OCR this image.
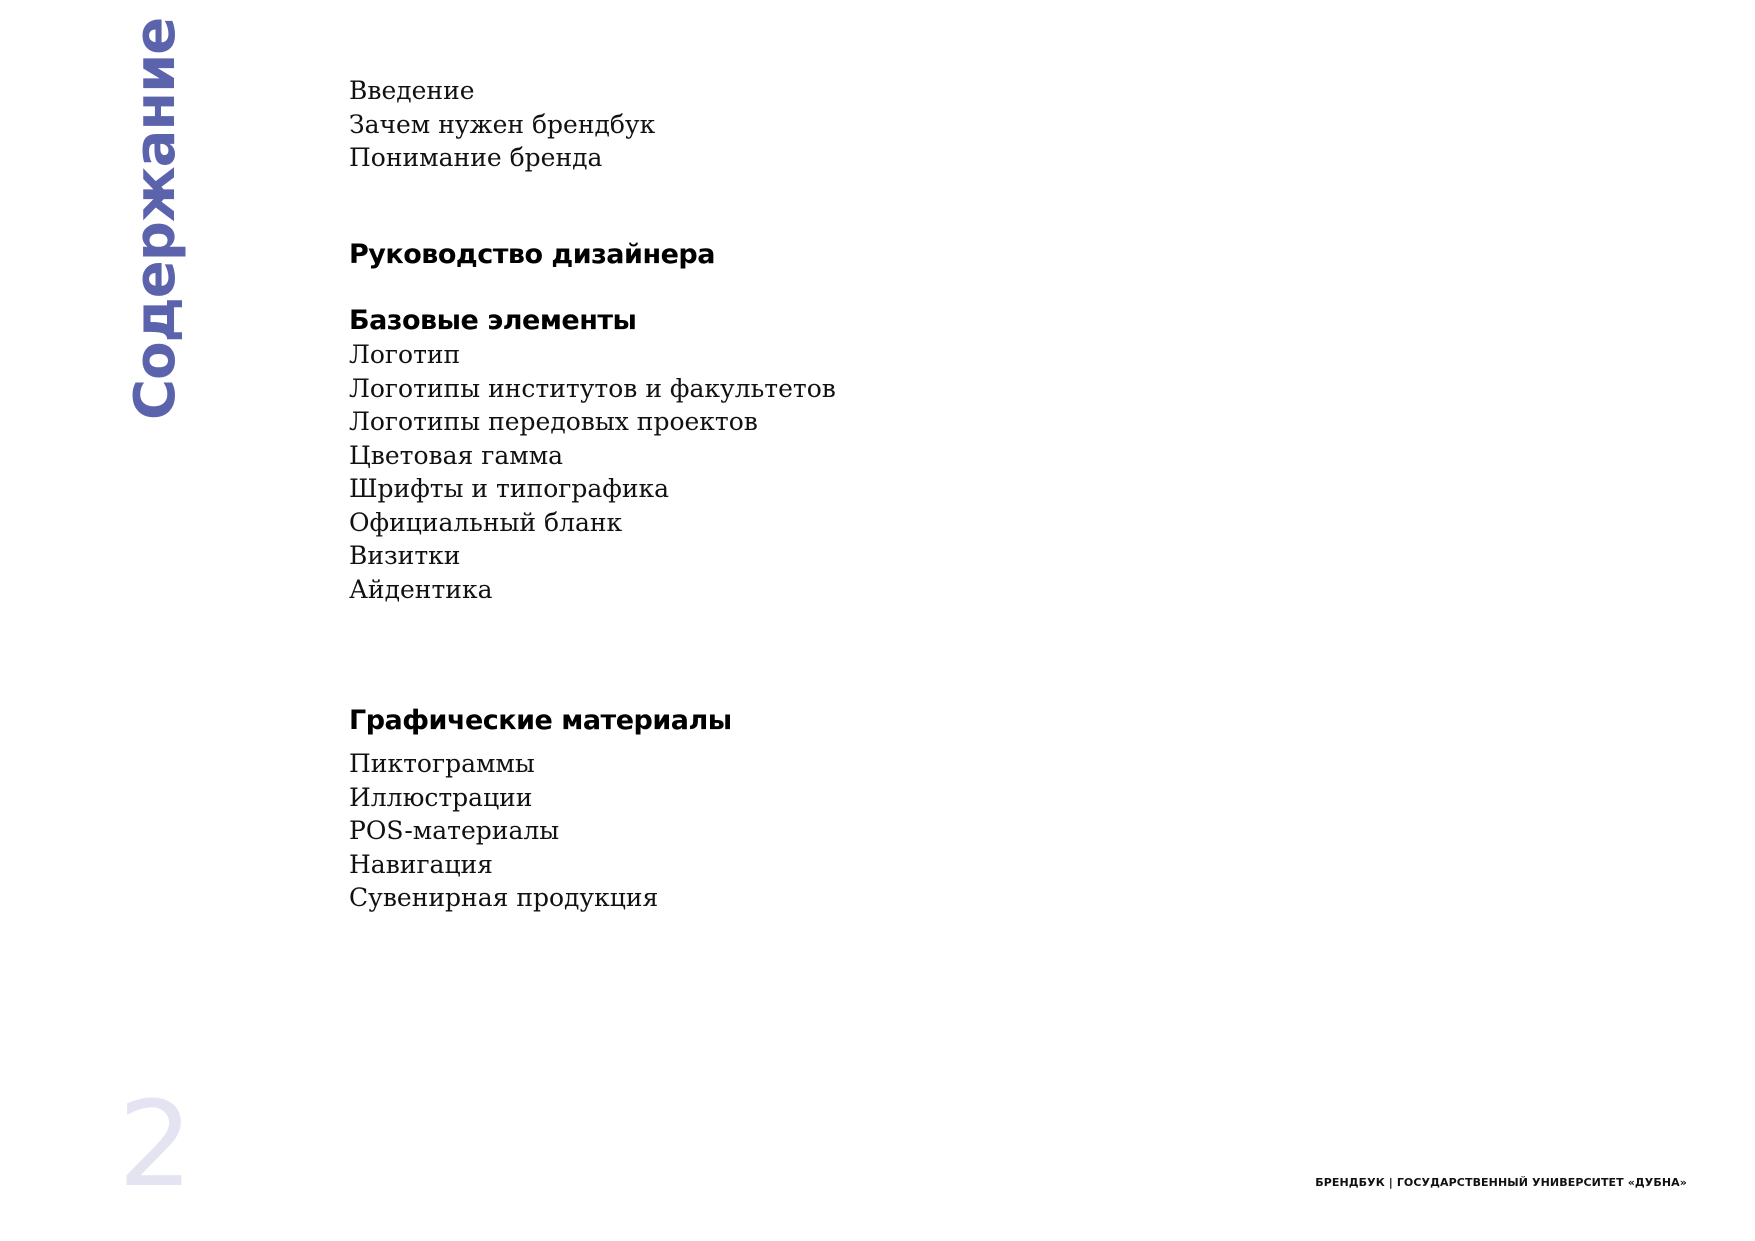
Содержание	Введение
Зачем нужен брендбук
Понимание бренда
Руководство дизайнера
Базовые элементы
Логотип
Логотипы институтов и факультетов
Логотипы передовых проектов
Цветовая гамма
Шрифты и типографика
Официальный бланк
Визитки
Айдентика
Графические материалы
Пиктограммы
Иллюстрации
POS-материалы
Навигация
Сувенирная продукция
2	БРЕНДБУК | ГОСУДАРСТВЕННЫЙ УНИВЕРСИТЕТ «ДУБНА»
